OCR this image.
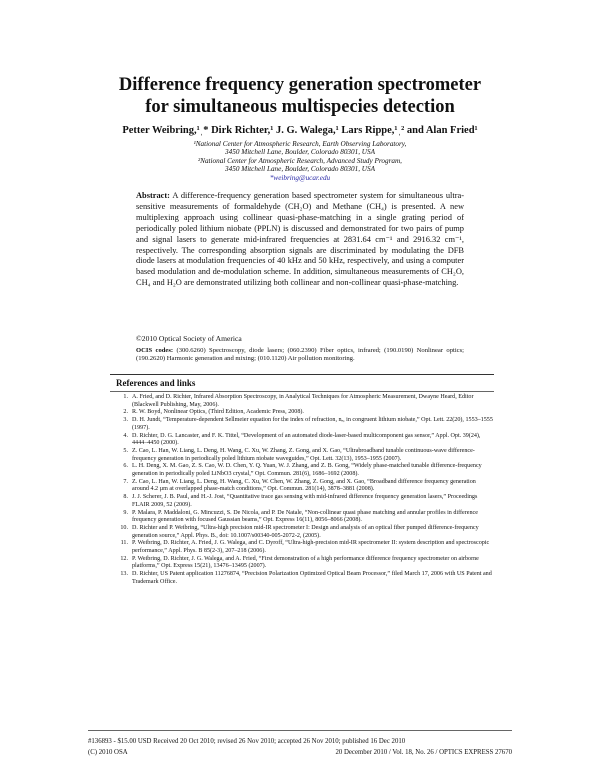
Difference frequency generation spectrometer
for simultaneous multispecies detection
Petter Weibring,¹ˌ* Dirk Richter,¹ J. G. Walega,¹ Lars Rippe,¹ˌ² and Alan Fried¹
¹National Center for Atmospheric Research, Earth Observing Laboratory,
3450 Mitchell Lane, Boulder, Colorado 80301, USA
²National Center for Atmospheric Research, Advanced Study Program,
3450 Mitchell Lane, Boulder, Colorado 80301, USA
*weibring@ucar.edu
Abstract: A difference-frequency generation based spectrometer system for simultaneous ultra-sensitive measurements of formaldehyde (CH₂O) and Methane (CH₄) is presented. A new multiplexing approach using collinear quasi-phase-matching in a single grating period of periodically poled lithium niobate (PPLN) is discussed and demonstrated for two pairs of pump and signal lasers to generate mid-infrared frequencies at 2831.64 cm⁻¹ and 2916.32 cm⁻¹, respectively. The corresponding absorption signals are discriminated by modulating the DFB diode lasers at modulation frequencies of 40 kHz and 50 kHz, respectively, and using a computer based modulation and de-modulation scheme. In addition, simultaneous measurements of CH₂O, CH₄ and H₂O are demonstrated utilizing both collinear and non-collinear quasi-phase-matching.
©2010 Optical Society of America
OCIS codes: (300.6260) Spectroscopy, diode lasers; (060.2390) Fiber optics, infrared; (190.0190) Nonlinear optics; (190.2620) Harmonic generation and mixing; (010.1120) Air pollution monitoring.
References and links
1. A. Fried, and D. Richter, Infrared Absorption Spectroscopy, in Analytical Techniques for Atmospheric Measurement, Dwayne Heard, Editor (Blackwell Publishing, May, 2006).
2. R. W. Boyd, Nonlinear Optics, (Third Edition, Academic Press, 2008).
3. D. H. Jundt, “Temperature-dependent Sellmeier equation for the index of refraction, nₑ, in congruent lithium niobate,” Opt. Lett. 22(20), 1553–1555 (1997).
4. D. Richter, D. G. Lancaster, and F. K. Tittel, “Development of an automated diode-laser-based multicomponent gas sensor,” Appl. Opt. 39(24), 4444–4450 (2000).
5. Z. Cao, L. Han, W. Liang, L. Deng, H. Wang, C. Xu, W. Zhang, Z. Gong, and X. Gao, “Ultrabroadband tunable continuous-wave difference-frequency generation in periodically poled lithium niobate waveguides,” Opt. Lett. 32(13), 1953–1955 (2007).
6. L. H. Deng, X. M. Gao, Z. S. Cao, W. D. Chen, Y. Q. Yuan, W. J. Zhang, and Z. B. Gong, “Widely phase-matched tunable difference-frequency generation in periodically poled LiNbO3 crystal,” Opt. Commun. 281(6), 1686–1692 (2008).
7. Z. Cao, L. Han, W. Liang, L. Deng, H. Wang, C. Xu, W. Chen, W. Zhang, Z. Gong, and X. Gao, “Broadband difference frequency generation around 4.2 µm at overlapped phase-match conditions,” Opt. Commun. 281(14), 3878–3881 (2008).
8. J. J. Scherer, J. B. Paul, and H.-J. Jost, “Quantitative trace gas sensing with mid-infrared difference frequency generation lasers,” Proceedings FLAIR 2009, 52 (2009).
9. P. Malara, P. Maddaloni, G. Mincuzzi, S. De Nicola, and P. De Natale, “Non-collinear quasi phase matching and annular profiles in difference frequency generation with focused Gaussian beams,” Opt. Express 16(11), 8056–8066 (2008).
10. D. Richter and P. Weibring, “Ultra-high precision mid-IR spectrometer I: Design and analysis of an optical fiber pumped difference-frequency generation source,” Appl. Phys. B., doi: 10.1007/s00340-005-2072-2, (2005).
11. P. Weibring, D. Richter, A. Fried, J. G. Walega, and C. Dyroff, “Ultra-high-precision mid-IR spectrometer II: system description and spectroscopic performance,” Appl. Phys. B 85(2-3), 207–218 (2006).
12. P. Weibring, D. Richter, J. G. Walega, and A. Fried, “First demonstration of a high performance difference frequency spectrometer on airborne platforms,” Opt. Express 15(21), 13476–13495 (2007).
13. D. Richter, US Patent application 11276874, “Precision Polarization Optimized Optical Beam Processor,” filed March 17, 2006 with US Patent and Trademark Office.
#136893 - $15.00 USD Received 20 Oct 2010; revised 26 Nov 2010; accepted 26 Nov 2010; published 16 Dec 2010
(C) 2010 OSA	20 December 2010 / Vol. 18, No. 26 / OPTICS EXPRESS 27670
